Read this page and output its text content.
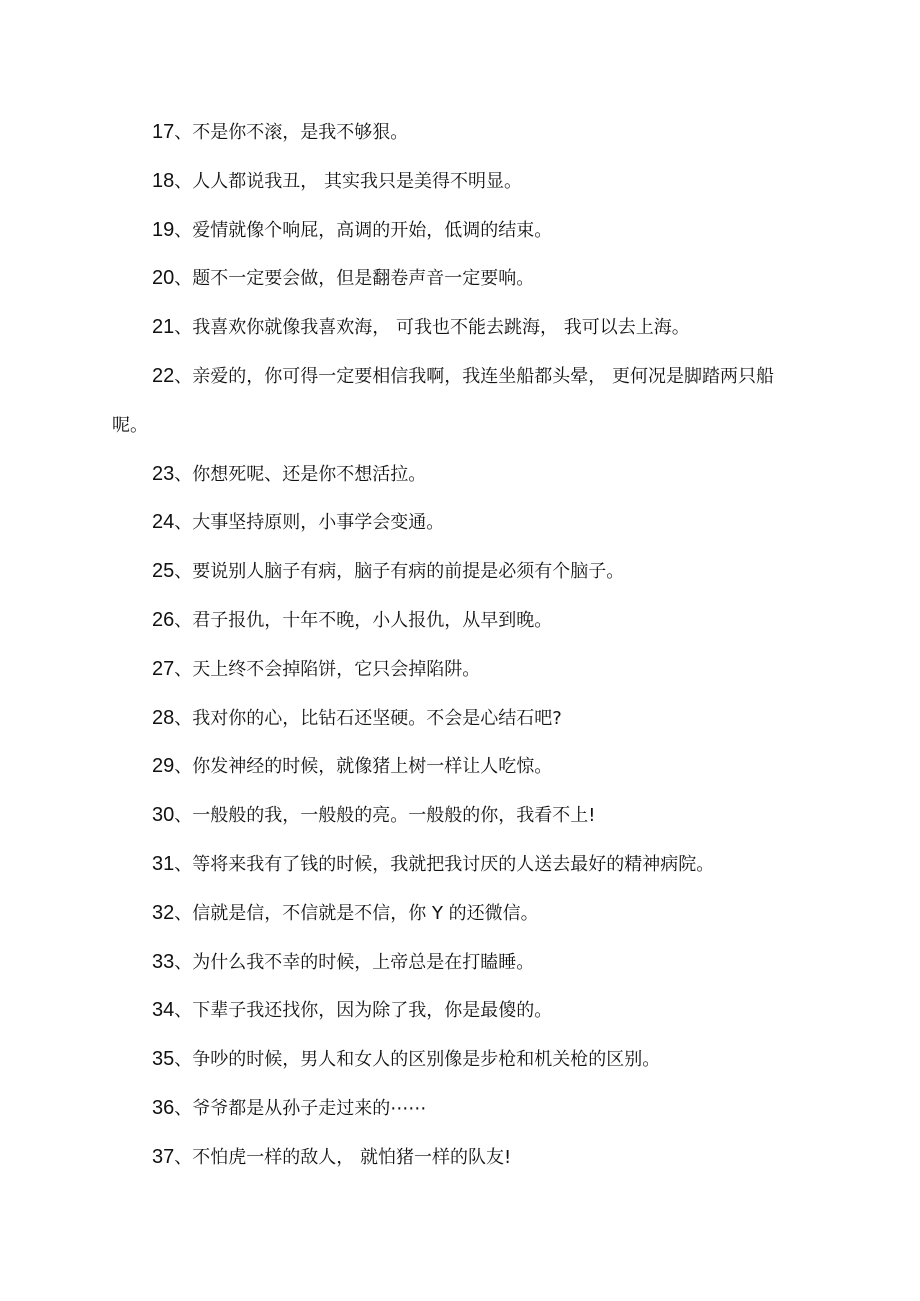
17、不是你不滚，是我不够狠。
18、人人都说我丑， 其实我只是美得不明显。
19、爱情就像个响屁，高调的开始，低调的结束。
20、题不一定要会做，但是翻卷声音一定要响。
21、我喜欢你就像我喜欢海， 可我也不能去跳海， 我可以去上海。
22、亲爱的，你可得一定要相信我啊，我连坐船都头晕， 更何况是脚踏两只船
呢。
23、你想死呢、还是你不想活拉。
24、大事坚持原则，小事学会变通。
25、要说别人脑子有病，脑子有病的前提是必须有个脑子。
26、君子报仇，十年不晚，小人报仇，从早到晚。
27、天上终不会掉陷饼，它只会掉陷阱。
28、我对你的心，比钻石还坚硬。不会是心结石吧?
29、你发神经的时候，就像猪上树一样让人吃惊。
30、一般般的我，一般般的亮。一般般的你，我看不上!
31、等将来我有了钱的时候，我就把我讨厌的人送去最好的精神病院。
32、信就是信，不信就是不信，你 Y 的还微信。
33、为什么我不幸的时候，上帝总是在打瞌睡。
34、下辈子我还找你，因为除了我，你是最傻的。
35、争吵的时候，男人和女人的区别像是步枪和机关枪的区别。
36、爷爷都是从孙子走过来的⋯⋯
37、不怕虎一样的敌人， 就怕猪一样的队友!
